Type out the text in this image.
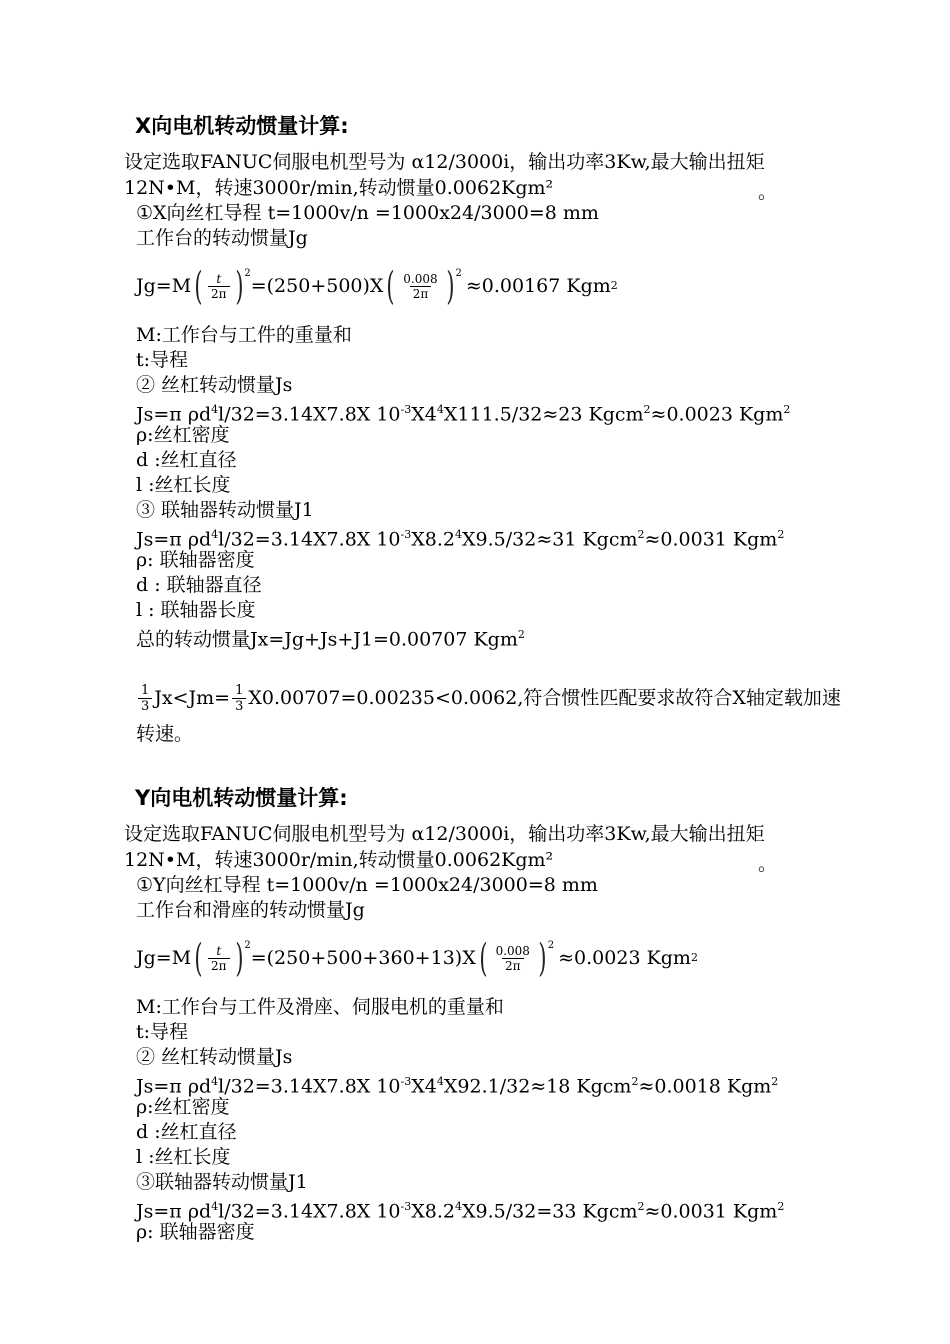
X向电机转动惯量计算:
设定选取FANUC伺服电机型号为 α12/3000i，输出功率3Kw,最大输出扭矩
12N•M，转速3000r/min,转动惯量0.0062Kgm²	。
①X向丝杠导程 t=1000v/n =1000x24/3000=8 mm
工作台的转动惯量Jg
Jg=M ( $\frac{t}{2\pi}$ ) 2
=(250+500)X ( $\frac{0.008}{2\pi}$ ) 2
≈0.00167 Kgm 2
M:工作台与工件的重量和
t:导程
② 丝杠转动惯量Js
Js=π $\rho d^4l/32=3.14X7.8X$ $10^{-3}X4^4X111.5/32\approx 23$ Kgcm$^2$≈0.0023 Kgm$^2$
ρ:丝杠密度
d :丝杠直径
l :丝杠长度
③ 联轴器转动惯量J1
Js=π $\rho d^4l/32=3.14X7.8X$ $10^{-3}X8.2^4X9.5/32\approx 31$ Kgcm$^2$≈0.0031 Kgm$^2$
ρ: 联轴器密度
d : 联轴器直径
l : 联轴器长度
总的转动惯量Jx=Jg+Js+J1=0.00707 Kgm$^2$
$\frac{1}{3} Jx<Jm= \frac{1}{3} X0.00707=0.00235<0.0062$,符合惯性匹配要求故符合X轴定载加速
转速。
Y向电机转动惯量计算:
设定选取FANUC伺服电机型号为 α12/3000i，输出功率3Kw,最大输出扭矩
12N•M，转速3000r/min,转动惯量0.0062Kgm²	。
①Y向丝杠导程 t=1000v/n =1000x24/3000=8 mm
工作台和滑座的转动惯量Jg
Jg=M ( $\frac{t}{2\pi}$ ) 2
=(250+500+360+13)X ( $\frac{0.008}{2\pi}$ ) 2
≈0.0023 Kgm 2
M:工作台与工件及滑座、伺服电机的重量和
t:导程
② 丝杠转动惯量Js
Js=π $\rho d^4l/32=3.14X7.8X$ $10^{-3}X4^4X92.1/32\approx 18$ Kgcm$^2$≈0.0018 Kgm$^2$
ρ:丝杠密度
d :丝杠直径
l :丝杠长度
③联轴器转动惯量J1
Js=π $\rho d^4l/32=3.14X7.8X$ $10^{-3}X8.2^4X9.5/32=33$ Kgcm$^2$≈0.0031 Kgm$^2$
ρ: 联轴器密度
